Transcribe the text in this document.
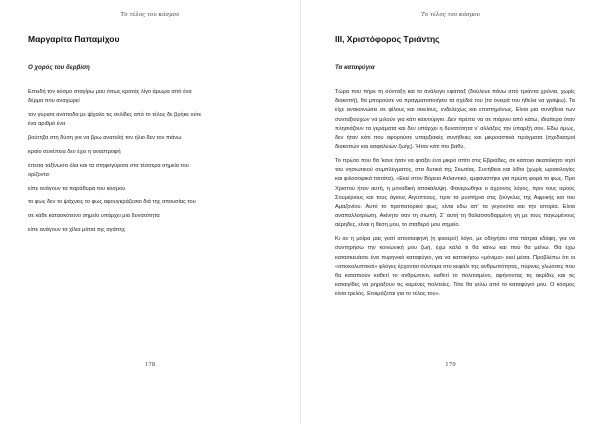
Το τέλος του κόσμου
Μαργαρίτα Παπαμίχου
Ο χορός του δερβίση
Επειδή τον κόσμο σταγίρω μου όπως κρατάς λίγο άρωμα από ένα
δέρμα που αναχωρεί
τον γύρισα ανάποδα με ψίχαλο τις σελίδες από το τέλος δε βρήκε ούτε
ένα αριθμό ένα
βούτηξα στη δύση για να βρω ανατολή τον ήλιο δεν τον πιάνω
κραίο συνέπεια δεν έχει η αναστροφή
έπειτα ταξίνωσα όλα και τα στηφογύρισα στα τέσσερα σημεία του
ορίζοντα
είπε ανάγουν τα παράθυρα του κόσμου
το φως δεν το ψάχνεις το φως αφουγκράζεσαι διά της απουσίας του
σε κάθε κατασκότεινο σημείο υπάρχει μια δυνατότητα
είπε ανάγουν τα χίλια μάτια της αγάπης
178
Το τέλος του κόσμου
III, Χριστόφορος Τριάντης
Τα καταφύγια
Τώρα που πήρε τη σύνταξη και το ανάλογο εφάπαξ (δούλευε πάνω από τριάντα χρόνια, χωρίς διακοπή), θα μπορούσε να πραγματοποιήσει τα σχέδιά του (τα όνειρά του ήθελα να γράψω). Τα είχε ανακοινώσει σε φίλους και οικείους, ενδελεχώς και επιστημόνως. Είναι μια συνήθεια των συνταξιούχων να μιλούν για κάτι καινούργιο. Δεν πρέπει να σε πιάρνει από κάτω, ιδιαίτερα όταν πλησιάζουν τα γεράματα και δεν υπάρχει η δυνατότητα ν' αλλάξεις την ύπαρξή σου. Εδώ όμως, δεν ήταν κάτι που αφορούσε υπαρξιακές συνήθειες και μικροαστικά πράγματα (σχεδιασμοί διακοπών και ασφαλειών ζωής). Ήταν κάτι πιο βαθύ.
Το πρώτο που θα 'κανε ήταν να φτάξει ένα μικρό σπίτι στις Εβριάδες, σε κάποιο ακατοίκητο νησί του νησιωτικού συμπλέγματος, στα δυτικά της Σκωτίας. Συνήθεια και λίθοι (χωρίς ωραιολογίες και φιλοσοφικά τσιτάτα), «Εκεί στον Βόρειο Ατλαντικό, εμφανιστήκε για πρώτη φορά το φως. Προ Χριστού ήταν αυτή, η μοναδική αποκάλυψη. Φανερωθηκε ο άχρονος λόγος, πριν τους ιερούς Σουμέριους και τους άγιους Αιγύπτιους, πριν τα μυστήρια στις ζούγκλες της Αφρικής και του Αμαζονίου. Αυτό το προπατορικό φως, είναι εδώ απ' τα γεγονότα και την ιστορία. Είναι αναπαλλοτρίωτη. Ακίνητο σαν τη σιωπή. Σ' αυτή τη θαλασσοδαρμένη γη με τους παγωμένους αέρηδες, είναι η θέση μου, το σταθερό μου σημείο.
Κι αν η μοίρα μας γιατί αποσιαφηνή (η φανερό) λόγο, με οδηγήσει στα πάτρια εδάφη, για να συντηρήσω την κοινωνική μου ζωή, έχω καλά τι θα κάνω και πού θα μείνω. Θα έχω κατασκευάσει ένα πυρηνικό καταφύγιο, για να κατοικήσω «μόνιμα» εκεί μέσα. Προβλέπω ότι οι «αποκαλυπτικοί» φλόγες έρχονται σύντομα στο κεφάλι της ανθρωπότητας, πύρινες γλώσσες που θα καταπιούν καθετί το ανθρώπινο, καθετί το πολιτισμένο, αφήνοντας τις ακρίδες και τις καταιγίδες να ρημάξουν τις καμένες πολιτείες. Τότε θα γελώ από το καταφύγιό μου. Ο κόσμος είναι τρελός. Ετοιμάζεται για το τέλος του».
179
